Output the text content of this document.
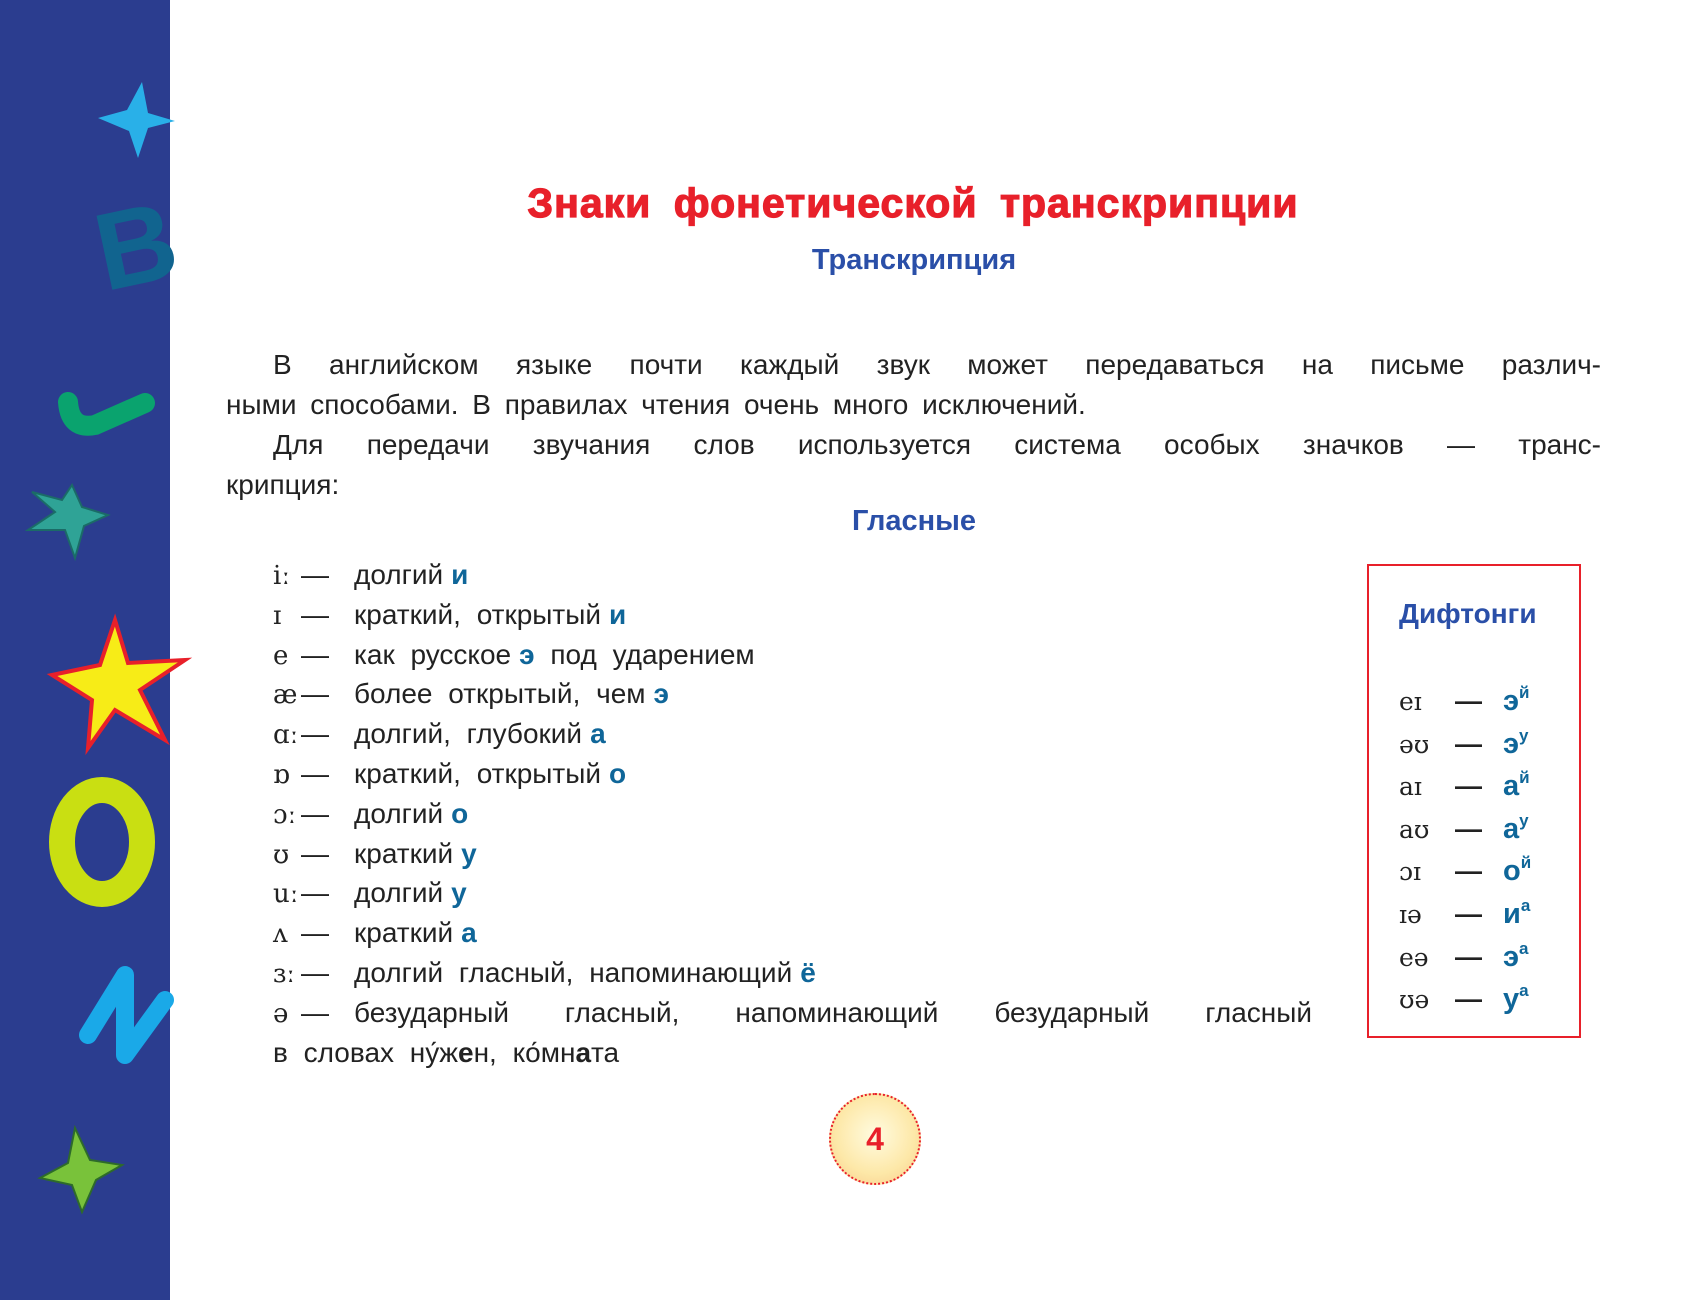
B	Знаки фонетической транскрипции
Транскрипция
В английском языке почти каждый звук может передаваться на письме различ-
ными способами. В правилах чтения очень много исключений.
Для передачи звучания слов используется система особых значков — транс-
крипция:
Гласные
iː — долгий и
ɪ — краткий, открытый и
e — как русское э под ударением
æ — более открытый, чем э
ɑː— долгий, глубокий а
ɒ — краткий, открытый о
ɔː — долгий о
ʊ — краткий у
uː— долгий у
ʌ — краткий а
ɜː — долгий гласный, напоминающий ё
ə — безударный гласный, напоминающий безударный гласный
в словах ну́жен, ко́мната
Дифтонги
eɪ — $э^й$
əʊ — $э^у$
aɪ — $а^й$
aʊ — $а^у$
ɔɪ — $о^й$
ɪə — $и^а$
eə — $э^а$
ʊə — $у^а$
4
